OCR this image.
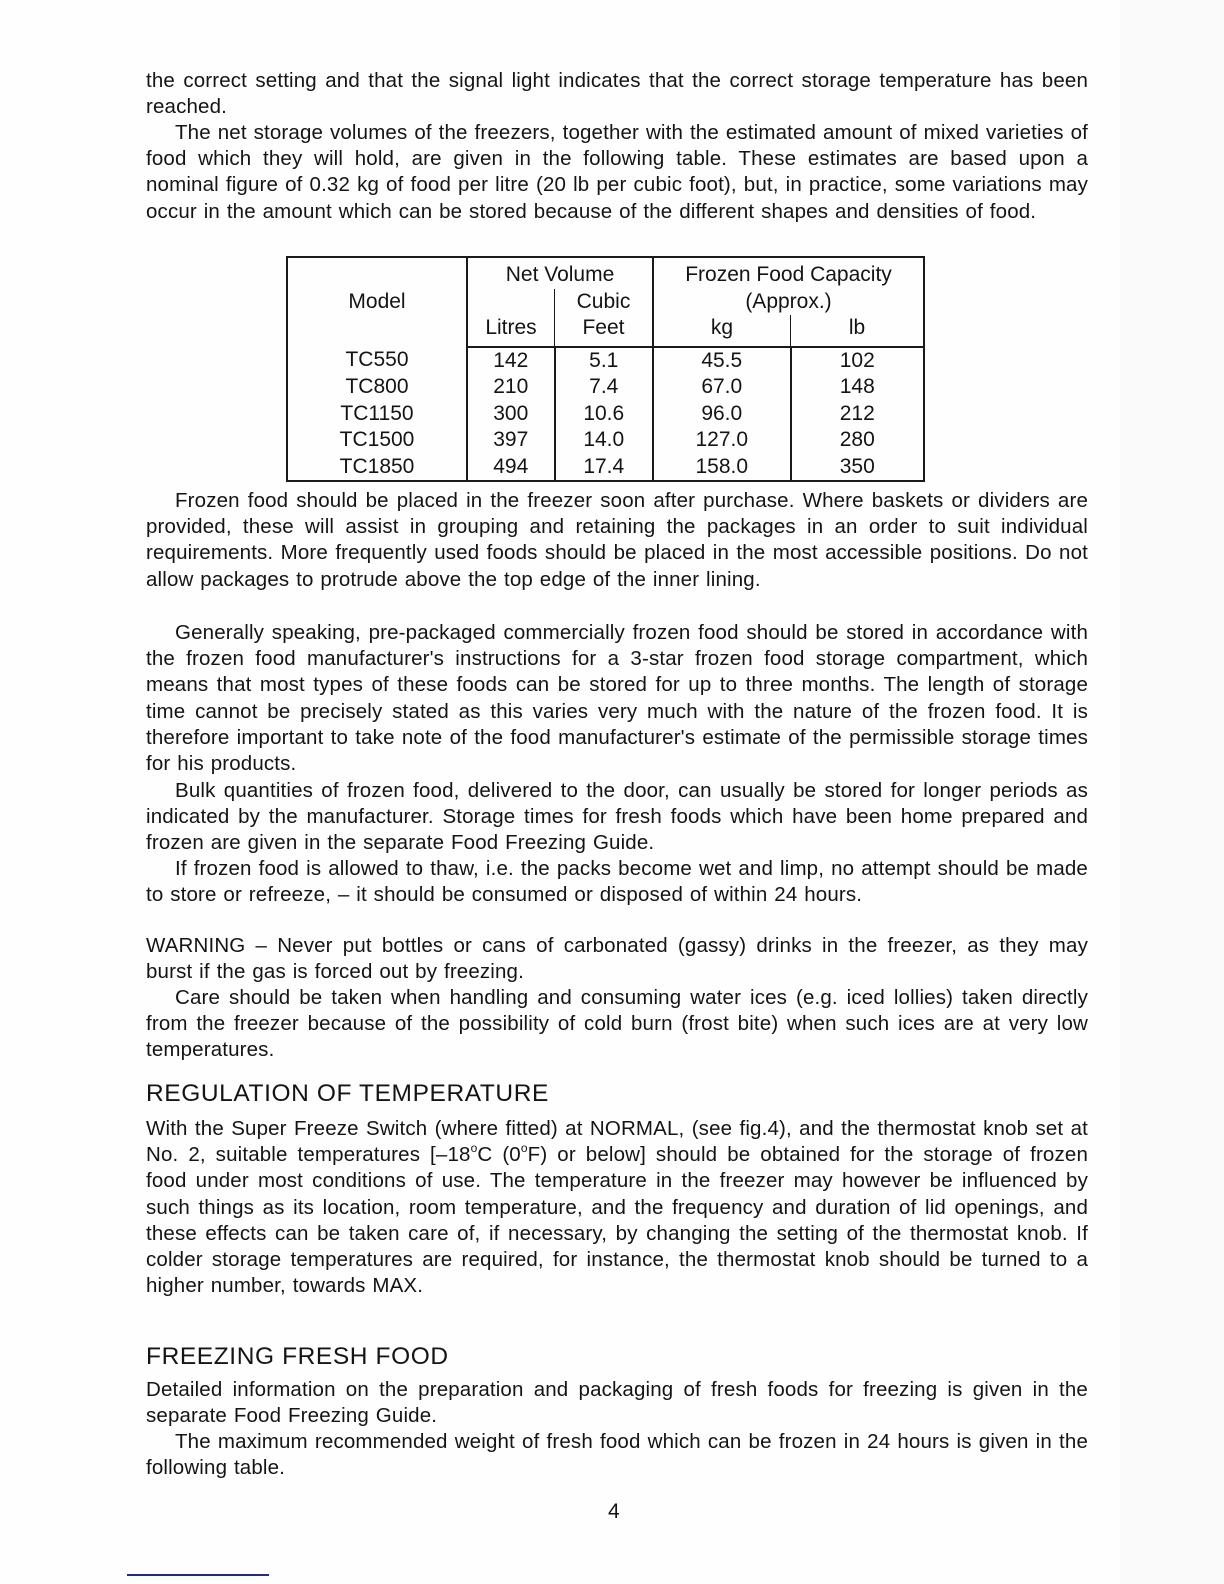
the correct setting and that the signal light indicates that the correct storage temperature has been reached.
The net storage volumes of the freezers, together with the estimated amount of mixed varieties of food which they will hold, are given in the following table. These estimates are based upon a nominal figure of 0.32 kg of food per litre (20 lb per cubic foot), but, in practice, some variations may occur in the amount which can be stored because of the different shapes and densities of food.
Model	Net Volume		Frozen Food Capacity	
		Cubic	(Approx.)	
	Litres	Feet	kg	lb
TC550	142	5.1	45.5	102
TC800	210	7.4	67.0	148
TC1150	300	10.6	96.0	212
TC1500	397	14.0	127.0	280
TC1850	494	17.4	158.0	350
Frozen food should be placed in the freezer soon after purchase. Where baskets or dividers are provided, these will assist in grouping and retaining the packages in an order to suit individual requirements. More frequently used foods should be placed in the most accessible positions. Do not allow packages to protrude above the top edge of the inner lining.
Generally speaking, pre-packaged commercially frozen food should be stored in accordance with the frozen food manufacturer's instructions for a 3-star frozen food storage compartment, which means that most types of these foods can be stored for up to three months. The length of storage time cannot be precisely stated as this varies very much with the nature of the frozen food. It is therefore important to take note of the food manufacturer's estimate of the permissible storage times for his products.
Bulk quantities of frozen food, delivered to the door, can usually be stored for longer periods as indicated by the manufacturer. Storage times for fresh foods which have been home prepared and frozen are given in the separate Food Freezing Guide.
If frozen food is allowed to thaw, i.e. the packs become wet and limp, no attempt should be made to store or refreeze, – it should be consumed or disposed of within 24 hours.
WARNING – Never put bottles or cans of carbonated (gassy) drinks in the freezer, as they may burst if the gas is forced out by freezing.
Care should be taken when handling and consuming water ices (e.g. iced lollies) taken directly from the freezer because of the possibility of cold burn (frost bite) when such ices are at very low temperatures.
REGULATION OF TEMPERATURE
With the Super Freeze Switch (where fitted) at NORMAL, (see fig.4), and the thermostat knob set at No. 2, suitable temperatures [–18$^o$C (0$^o$F) or below] should be obtained for the storage of frozen food under most conditions of use. The temperature in the freezer may however be influenced by such things as its location, room temperature, and the frequency and duration of lid openings, and these effects can be taken care of, if necessary, by changing the setting of the thermostat knob. If colder storage temperatures are required, for instance, the thermostat knob should be turned to a higher number, towards MAX.
FREEZING FRESH FOOD
Detailed information on the preparation and packaging of fresh foods for freezing is given in the separate Food Freezing Guide.
The maximum recommended weight of fresh food which can be frozen in 24 hours is given in the following table.
4
